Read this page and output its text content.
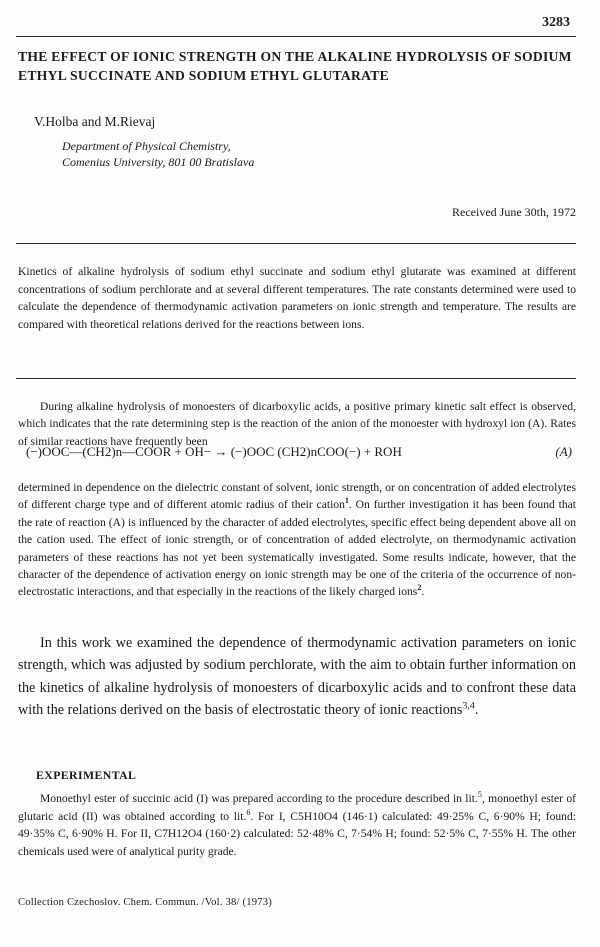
3283
THE EFFECT OF IONIC STRENGTH ON THE ALKALINE HYDROLYSIS OF SODIUM ETHYL SUCCINATE AND SODIUM ETHYL GLUTARATE
V.Holba and M.Rievaj
Department of Physical Chemistry,
Comenius University, 801 00 Bratislava
Received June 30th, 1972

Kinetics of alkaline hydrolysis of sodium ethyl succinate and sodium ethyl glutarate was examined at different concentrations of sodium perchlorate and at several different temperatures. The rate constants determined were used to calculate the dependence of thermodynamic activation parameters on ionic strength and temperature. The results are compared with theoretical relations derived for the reactions between ions.

During alkaline hydrolysis of monoesters of dicarboxylic acids, a positive primary kinetic salt effect is observed, which indicates that the rate determining step is the reaction of the anion of the monoester with hydroxyl ion (A). Rates of similar reactions have frequently been

(−)OOC—(CH2)n—COOR + OH− → (−)OOC (CH2)nCOO(−) + ROH	(A)

determined in dependence on the dielectric constant of solvent, ionic strength, or on concentration of added electrolytes of different charge type and of different atomic radius of their cation$^1$. On further investigation it has been found that the rate of reaction (A) is influenced by the character of added electrolytes, specific effect being dependent above all on the cation used. The effect of ionic strength, or of concentration of added electrolyte, on thermodynamic activation parameters of these reactions has not yet been systematically investigated. Some results indicate, however, that the character of the dependence of activation energy on ionic strength may be one of the criteria of the occurrence of non-electrostatic interactions, and that especially in the reactions of the likely charged ions$^2$.

In this work we examined the dependence of thermodynamic activation parameters on ionic strength, which was adjusted by sodium perchlorate, with the aim to obtain further information on the kinetics of alkaline hydrolysis of monoesters of dicarboxylic acids and to confront these data with the relations derived on the basis of electrostatic theory of ionic reactions$^{3,4}$.

EXPERIMENTAL

Monoethyl ester of succinic acid (I) was prepared according to the procedure described in lit.$^5$, monoethyl ester of glutaric acid (II) was obtained according to lit.$^6$. For I, C5H10O4 (146·1) calculated: 49·25% C, 6·90% H; found: 49·35% C, 6·90% H. For II, C7H12O4 (160·2) calculated: 52·48% C, 7·54% H; found: 52·5% C, 7·55% H. The other chemicals used were of analytical purity grade.

Collection Czechoslov. Chem. Commun. /Vol. 38/ (1973)
